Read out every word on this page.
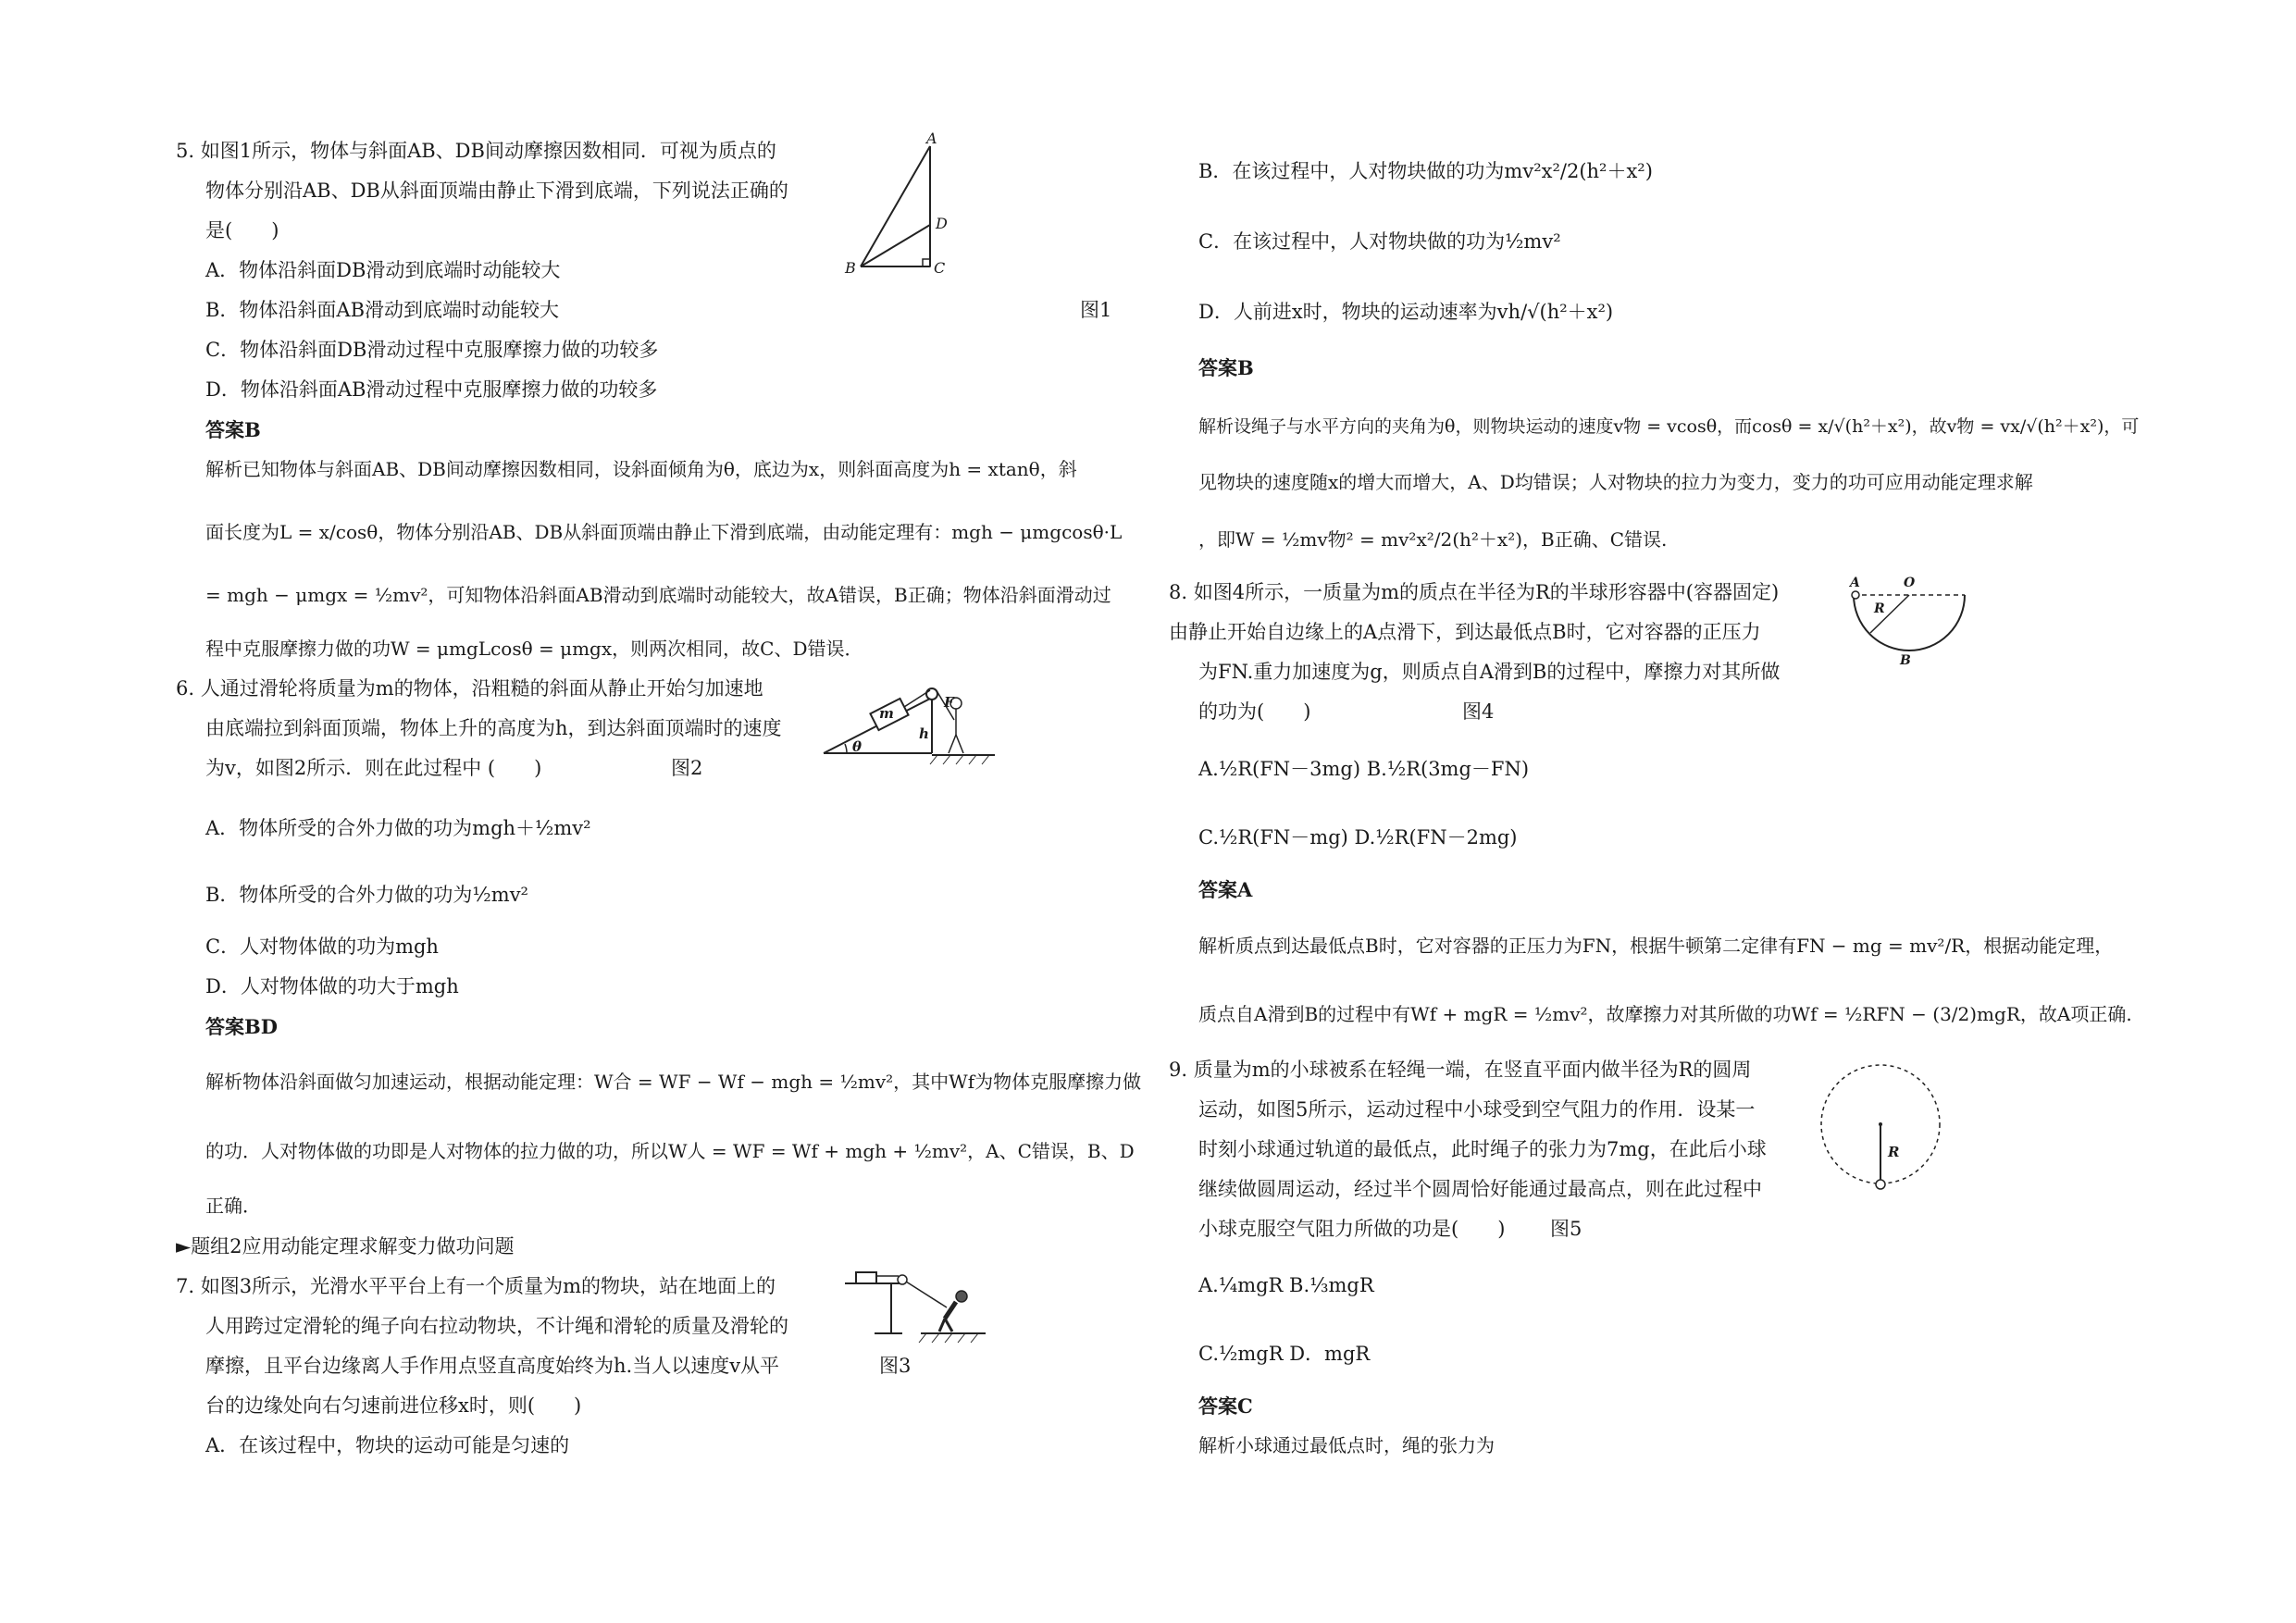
5. 如图1所示，物体与斜面AB、DB间动摩擦因数相同．可视为质点的
物体分别沿AB、DB从斜面顶端由静止下滑到底端，下列说法正确的
是(　　)
A．物体沿斜面DB滑动到底端时动能较大
B．物体沿斜面AB滑动到底端时动能较大
C．物体沿斜面DB滑动过程中克服摩擦力做的功较多
D．物体沿斜面AB滑动过程中克服摩擦力做的功较多
答案B
解析已知物体与斜面AB、DB间动摩擦因数相同，设斜面倾角为θ，底边为x，则斜面高度为h = xtanθ，斜
面长度为L = x/cosθ，物体分别沿AB、DB从斜面顶端由静止下滑到底端，由动能定理有：mgh − μmgcosθ·L
= mgh − μmgx = ½mv²，可知物体沿斜面AB滑动到底端时动能较大，故A错误，B正确；物体沿斜面滑动过
程中克服摩擦力做的功W = μmgLcosθ = μmgx，则两次相同，故C、D错误．
A
D
B	C
图1
6. 人通过滑轮将质量为m的物体，沿粗糙的斜面从静止开始匀加速地
由底端拉到斜面顶端，物体上升的高度为h，到达斜面顶端时的速度
为v，如图2所示．则在此过程中 (　　)
A．物体所受的合外力做的功为mgh＋½mv²
B．物体所受的合外力做的功为½mv²
C．人对物体做的功为mgh
D．人对物体做的功大于mgh
答案BD
解析物体沿斜面做匀加速运动，根据动能定理：W合 = WF − Wf − mgh = ½mv²，其中Wf为物体克服摩擦力做
的功．人对物体做的功即是人对物体的拉力做的功，所以W人 = WF = Wf + mgh + ½mv²，A、C错误，B、D
正确．
m
F
h
θ
图2
►题组2应用动能定理求解变力做功问题
7. 如图3所示，光滑水平平台上有一个质量为m的物块，站在地面上的
人用跨过定滑轮的绳子向右拉动物块，不计绳和滑轮的质量及滑轮的
摩擦，且平台边缘离人手作用点竖直高度始终为h.当人以速度v从平
台的边缘处向右匀速前进位移x时，则(　　)
A．在该过程中，物块的运动可能是匀速的
图3
B．在该过程中，人对物块做的功为mv²x²/2(h²＋x²)
C．在该过程中，人对物块做的功为½mv²
D．人前进x时，物块的运动速率为vh/√(h²＋x²)
答案B
解析设绳子与水平方向的夹角为θ，则物块运动的速度v物 = vcosθ，而cosθ = x/√(h²＋x²)，故v物 = vx/√(h²＋x²)，可
见物块的速度随x的增大而增大，A、D均错误；人对物块的拉力为变力，变力的功可应用动能定理求解
，即W = ½mv物² = mv²x²/2(h²＋x²)，B正确、C错误.
8. 如图4所示，一质量为m的质点在半径为R的半球形容器中(容器固定)
由静止开始自边缘上的A点滑下，到达最低点B时，它对容器的正压力
为FN.重力加速度为g，则质点自A滑到B的过程中，摩擦力对其所做
的功为(　　)
A.½R(FN－3mg) B.½R(3mg－FN)
C.½R(FN－mg) D.½R(FN－2mg)
答案A
解析质点到达最低点B时，它对容器的正压力为FN，根据牛顿第二定律有FN − mg = mv²/R，根据动能定理，
质点自A滑到B的过程中有Wf + mgR = ½mv²，故摩擦力对其所做的功Wf = ½RFN − (3/2)mgR，故A项正确.
A	O
R
B
图4
9. 质量为m的小球被系在轻绳一端，在竖直平面内做半径为R的圆周
运动，如图5所示，运动过程中小球受到空气阻力的作用．设某一
时刻小球通过轨道的最低点，此时绳子的张力为7mg，在此后小球
继续做圆周运动，经过半个圆周恰好能通过最高点，则在此过程中
小球克服空气阻力所做的功是(　　)
A.¼mgR B.⅓mgR
C.½mgR D．mgR
答案C
解析小球通过最低点时，绳的张力为
R
图5
